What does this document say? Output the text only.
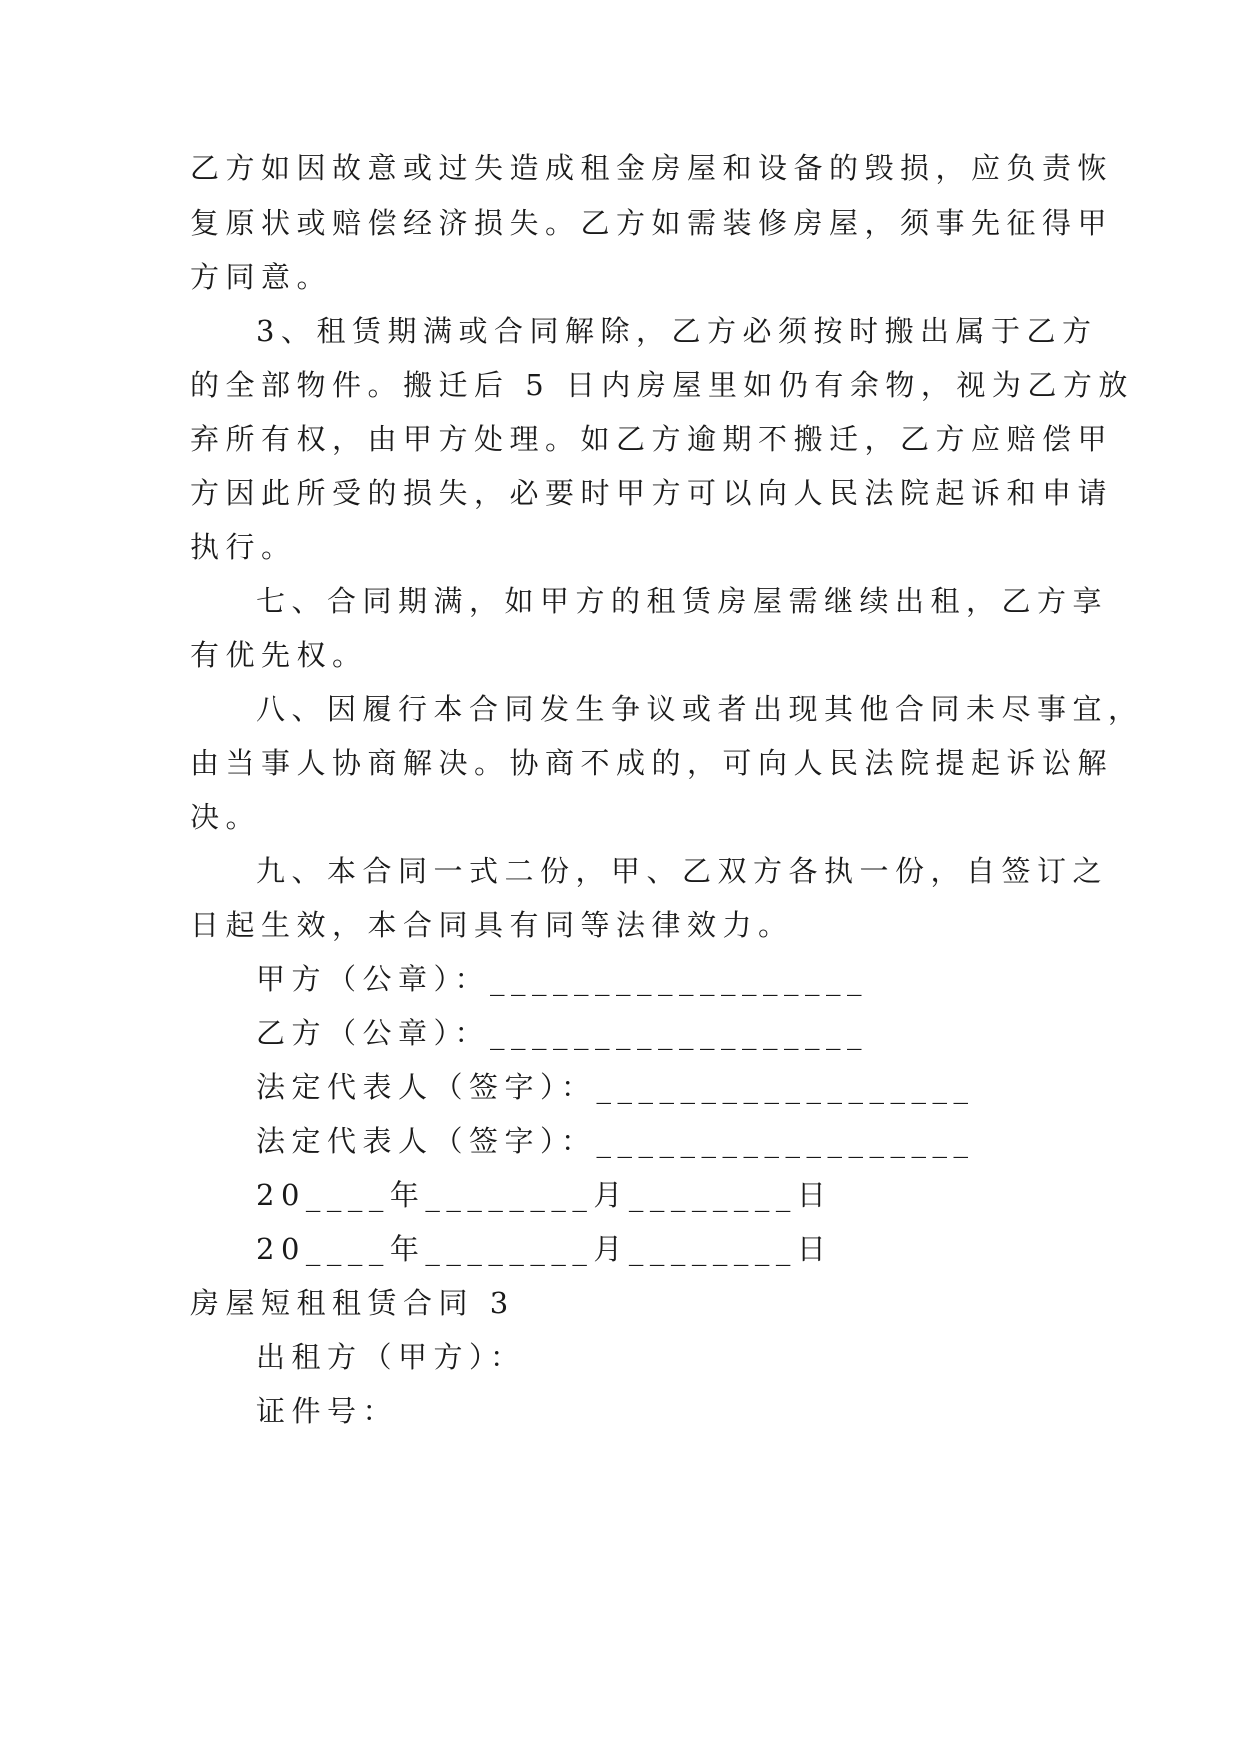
乙方如因故意或过失造成租金房屋和设备的毁损，应负责恢
复原状或赔偿经济损失。乙方如需装修房屋，须事先征得甲
方同意。
3、租赁期满或合同解除，乙方必须按时搬出属于乙方
的全部物件。搬迁后 5 日内房屋里如仍有余物，视为乙方放
弃所有权，由甲方处理。如乙方逾期不搬迁，乙方应赔偿甲
方因此所受的损失，必要时甲方可以向人民法院起诉和申请
执行。
七、合同期满，如甲方的租赁房屋需继续出租，乙方享
有优先权。
八、因履行本合同发生争议或者出现其他合同未尽事宜，
由当事人协商解决。协商不成的，可向人民法院提起诉讼解
决。
九、本合同一式二份，甲、乙双方各执一份，自签订之
日起生效，本合同具有同等法律效力。
甲方（公章）：__________________
乙方（公章）：__________________
法定代表人（签字）：__________________
法定代表人（签字）：__________________
20____年________月________日
20____年________月________日
房屋短租租赁合同 3
出租方（甲方）：
证件号：
